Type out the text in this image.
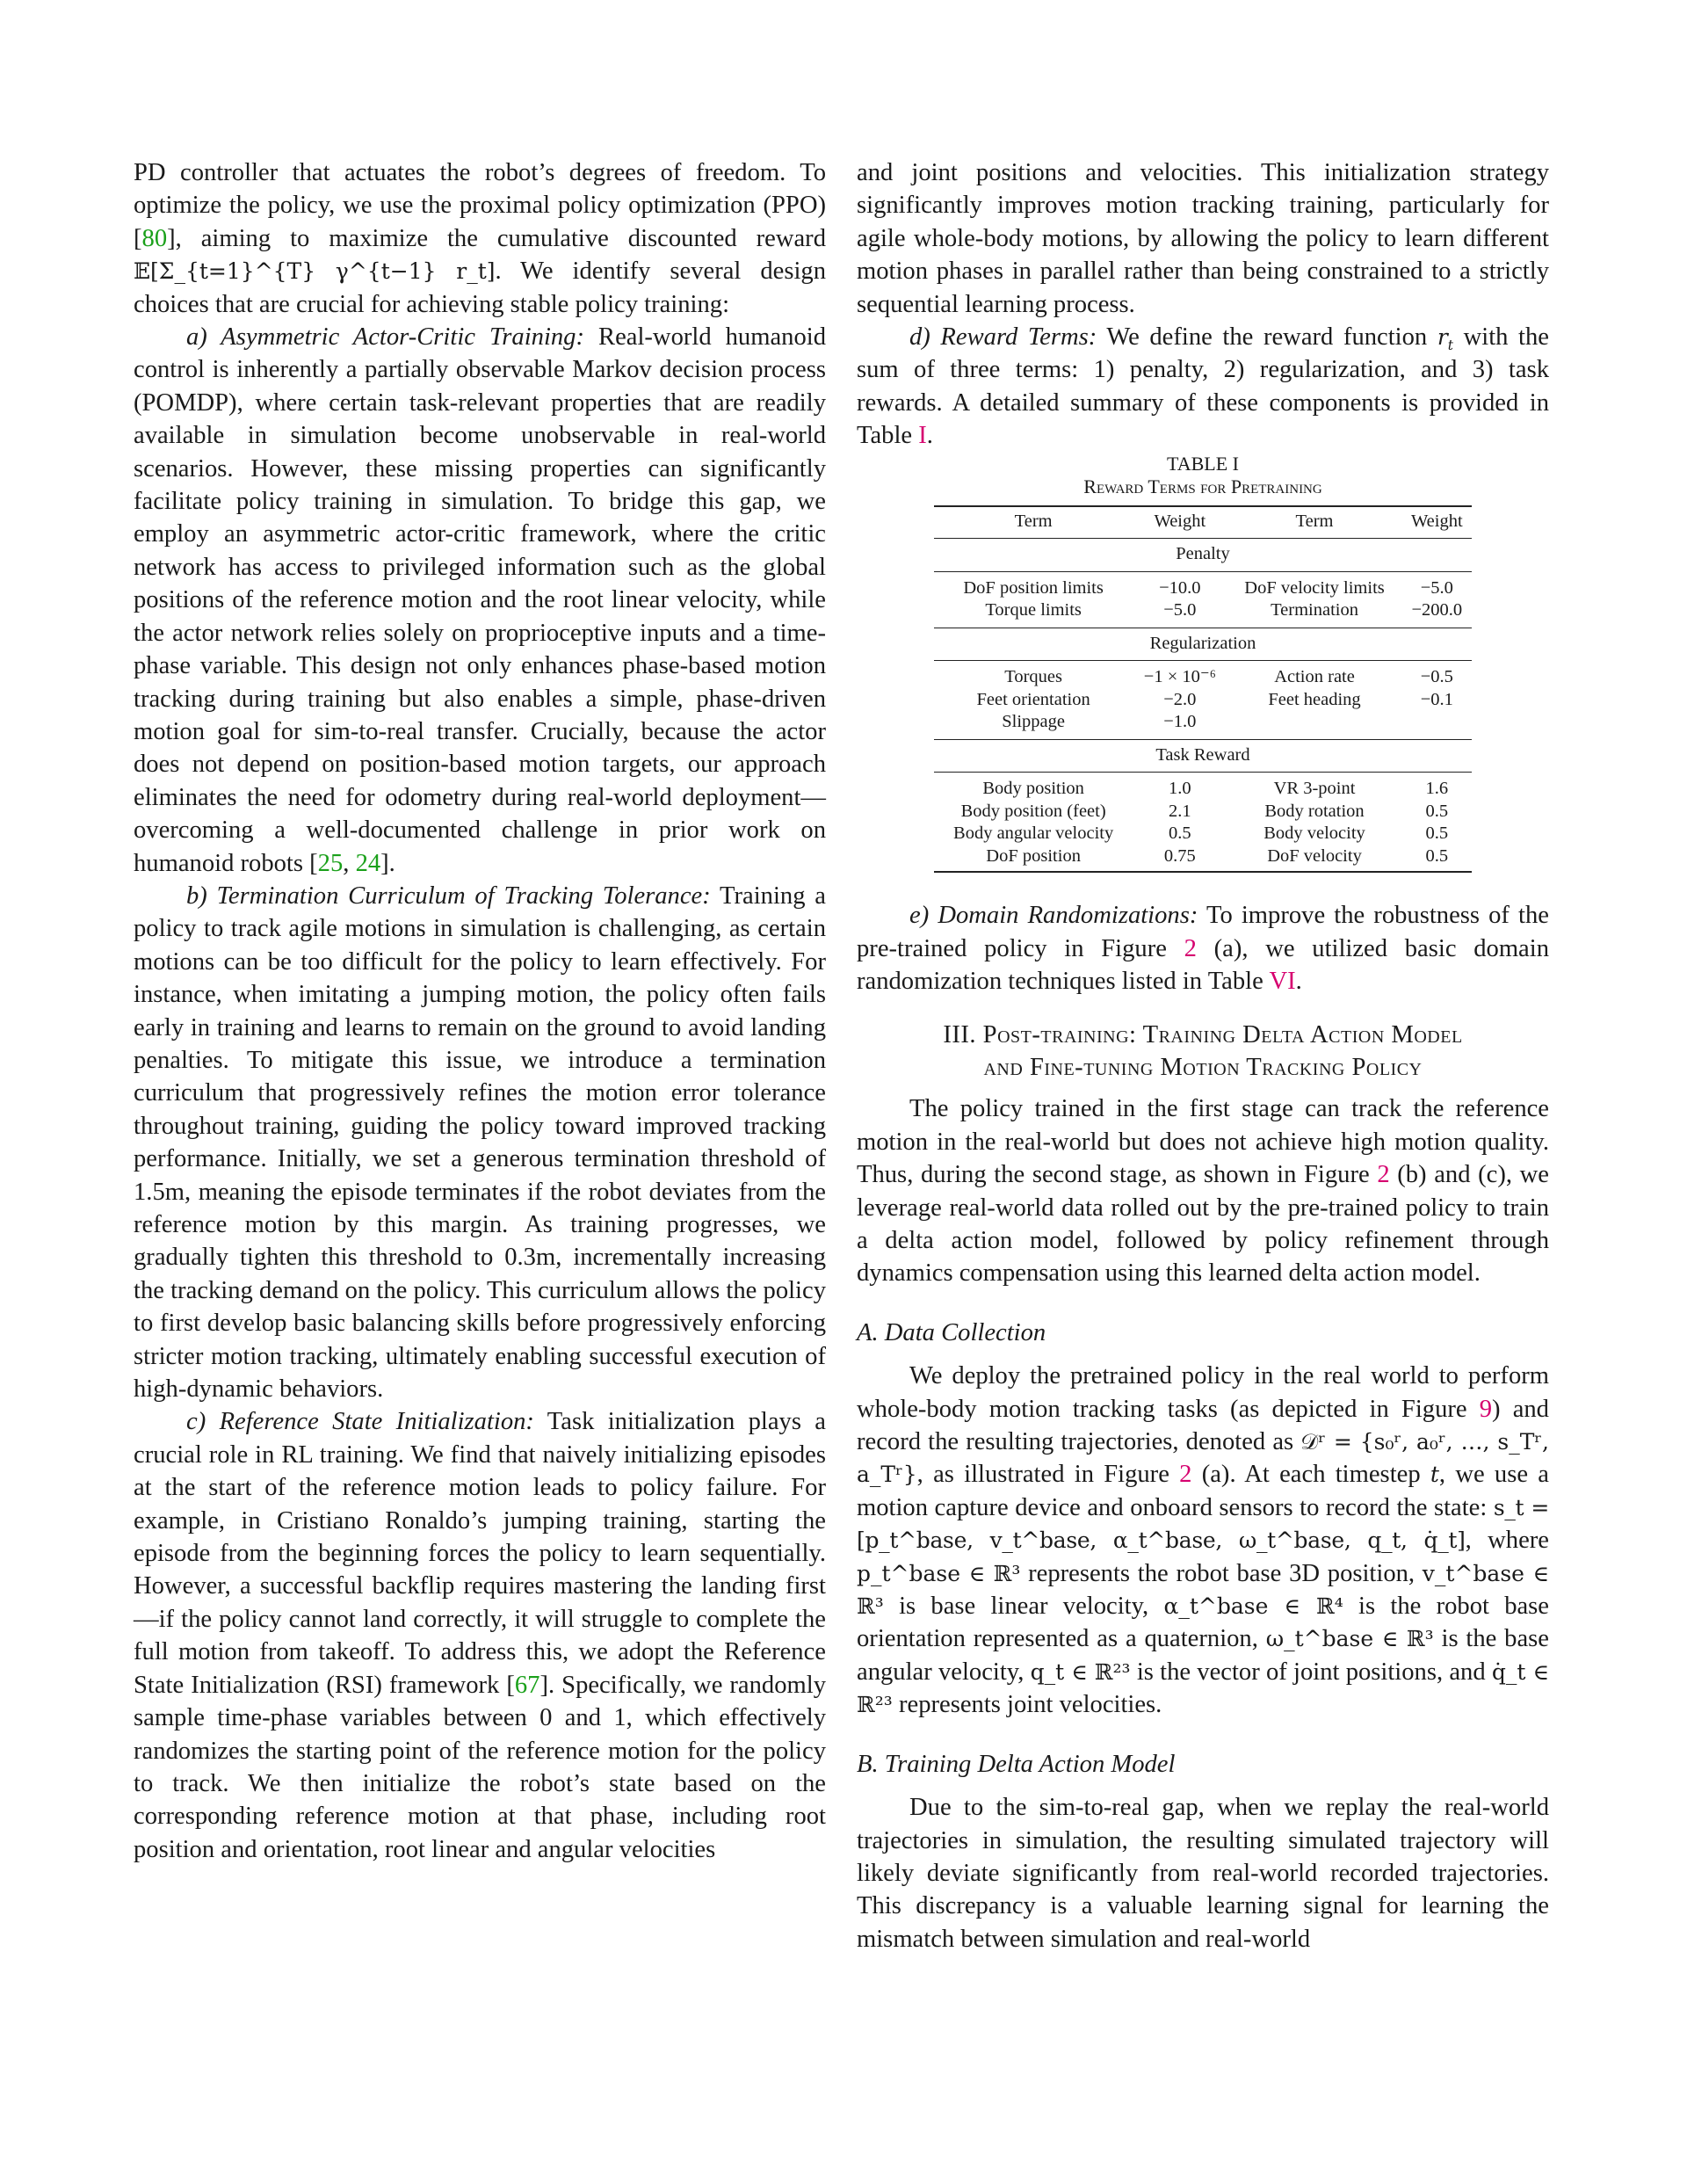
PD controller that actuates the robot’s degrees of freedom. To optimize the policy, we use the proximal policy optimization (PPO) [80], aiming to maximize the cumulative discounted reward 𝔼[Σ_{t=1}^{T} γ^{t−1} r_t]. We identify several design choices that are crucial for achieving stable policy training:

a) Asymmetric Actor-Critic Training: Real-world humanoid control is inherently a partially observable Markov decision process (POMDP), where certain task-relevant properties that are readily available in simulation become unobservable in real-world scenarios. However, these missing properties can significantly facilitate policy training in simulation. To bridge this gap, we employ an asymmetric actor-critic framework, where the critic network has access to privileged information such as the global positions of the reference motion and the root linear velocity, while the actor network relies solely on proprioceptive inputs and a time-phase variable. This design not only enhances phase-based motion tracking during training but also enables a simple, phase-driven motion goal for sim-to-real transfer. Crucially, because the actor does not depend on position-based motion targets, our approach eliminates the need for odometry during real-world deployment—overcoming a well-documented challenge in prior work on humanoid robots [25, 24].

b) Termination Curriculum of Tracking Tolerance: Training a policy to track agile motions in simulation is challenging, as certain motions can be too difficult for the policy to learn effectively. For instance, when imitating a jumping motion, the policy often fails early in training and learns to remain on the ground to avoid landing penalties. To mitigate this issue, we introduce a termination curriculum that progressively refines the motion error tolerance throughout training, guiding the policy toward improved tracking performance. Initially, we set a generous termination threshold of 1.5m, meaning the episode terminates if the robot deviates from the reference motion by this margin. As training progresses, we gradually tighten this threshold to 0.3m, incrementally increasing the tracking demand on the policy. This curriculum allows the policy to first develop basic balancing skills before progressively enforcing stricter motion tracking, ultimately enabling successful execution of high-dynamic behaviors.

c) Reference State Initialization: Task initialization plays a crucial role in RL training. We find that naively initializing episodes at the start of the reference motion leads to policy failure. For example, in Cristiano Ronaldo’s jumping training, starting the episode from the beginning forces the policy to learn sequentially. However, a successful backflip requires mastering the landing first—if the policy cannot land correctly, it will struggle to complete the full motion from takeoff. To address this, we adopt the Reference State Initialization (RSI) framework [67]. Specifically, we randomly sample time-phase variables between 0 and 1, which effectively randomizes the starting point of the reference motion for the policy to track. We then initialize the robot’s state based on the corresponding reference motion at that phase, including root position and orientation, root linear and angular velocities

and joint positions and velocities. This initialization strategy significantly improves motion tracking training, particularly for agile whole-body motions, by allowing the policy to learn different motion phases in parallel rather than being constrained to a strictly sequential learning process.

d) Reward Terms: We define the reward function $r_t$ with the sum of three terms: 1) penalty, 2) regularization, and 3) task rewards. A detailed summary of these components is provided in Table I.

TABLE I
Reward Terms for Pretraining
Term	Weight	Term	Weight
Penalty			
DoF position limits	−10.0	DoF velocity limits	−5.0
Torque limits	−5.0	Termination	−200.0
Regularization			
Torques	−1 × 10⁻⁶	Action rate	−0.5
Feet orientation	−2.0	Feet heading	−0.1
Slippage	−1.0		
Task Reward			
Body position	1.0	VR 3-point	1.6
Body position (feet)	2.1	Body rotation	0.5
Body angular velocity	0.5	Body velocity	0.5
DoF position	0.75	DoF velocity	0.5

e) Domain Randomizations: To improve the robustness of the pre-trained policy in Figure 2 (a), we utilized basic domain randomization techniques listed in Table VI.

III. Post-training: Training Delta Action Model
and Fine-tuning Motion Tracking Policy

The policy trained in the first stage can track the reference motion in the real-world but does not achieve high motion quality. Thus, during the second stage, as shown in Figure 2 (b) and (c), we leverage real-world data rolled out by the pre-trained policy to train a delta action model, followed by policy refinement through dynamics compensation using this learned delta action model.

A. Data Collection

We deploy the pretrained policy in the real world to perform whole-body motion tracking tasks (as depicted in Figure 9) and record the resulting trajectories, denoted as 𝒟ʳ = {s₀ʳ, a₀ʳ, …, s_Tʳ, a_Tʳ}, as illustrated in Figure 2 (a). At each timestep t, we use a motion capture device and onboard sensors to record the state: s_t = [p_t^base, v_t^base, α_t^base, ω_t^base, q_t, q̇_t], where p_t^base ∈ ℝ³ represents the robot base 3D position, v_t^base ∈ ℝ³ is base linear velocity, α_t^base ∈ ℝ⁴ is the robot base orientation represented as a quaternion, ω_t^base ∈ ℝ³ is the base angular velocity, q_t ∈ ℝ²³ is the vector of joint positions, and q̇_t ∈ ℝ²³ represents joint velocities.

B. Training Delta Action Model

Due to the sim-to-real gap, when we replay the real-world trajectories in simulation, the resulting simulated trajectory will likely deviate significantly from real-world recorded trajectories. This discrepancy is a valuable learning signal for learning the mismatch between simulation and real-world
